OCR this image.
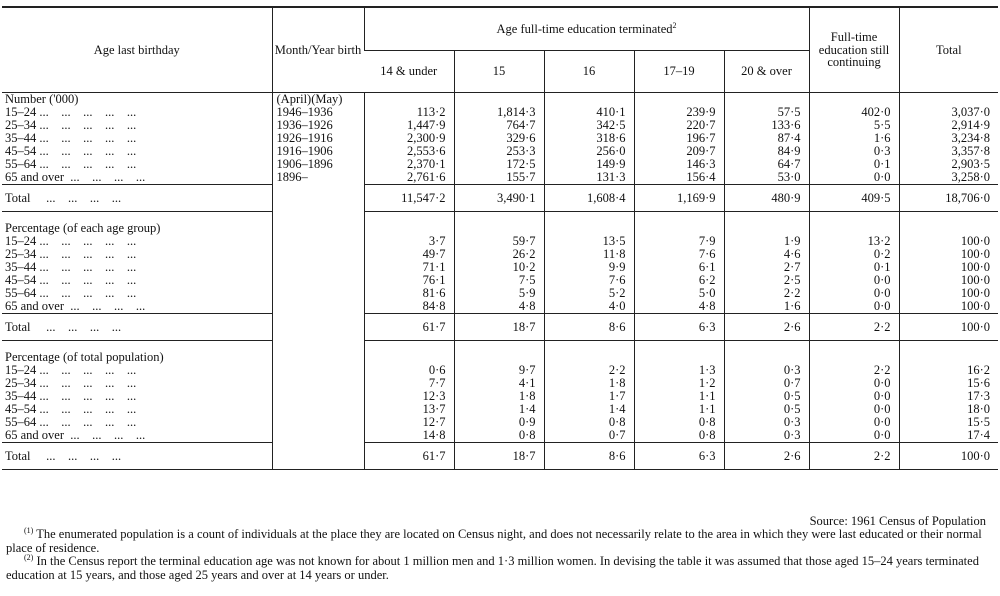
Age last birthday	Month/Year birth	Age full-time education terminated$^2$					Full-time education still continuing	Total
		14 & under	15	16	17–19	20 & over		
Number ('000)	(April)(May)							
15–24 ...    ...    ...    ...    ...	1946–1936	113·2	1,814·3	410·1	239·9	57·5	402·0	3,037·0
25–34 ...    ...    ...    ...    ...	1936–1926	1,447·9	764·7	342·5	220·7	133·6	5·5	2,914·9
35–44 ...    ...    ...    ...    ...	1926–1916	2,300·9	329·6	318·6	196·7	87·4	1·6	3,234·8
45–54 ...    ...    ...    ...    ...	1916–1906	2,553·6	253·3	256·0	209·7	84·9	0·3	3,357·8
55–64 ...    ...    ...    ...    ...	1906–1896	2,370·1	172·5	149·9	146·3	64·7	0·1	2,903·5
65 and over  ...    ...    ...    ...	1896–	2,761·6	155·7	131·3	156·4	53·0	0·0	3,258·0
Total     ...    ...    ...    ...		11,547·2	3,490·1	1,608·4	1,169·9	480·9	409·5	18,706·0

Percentage (of each age group)								
15–24 ...    ...    ...    ...    ...		3·7	59·7	13·5	7·9	1·9	13·2	100·0
25–34 ...    ...    ...    ...    ...		49·7	26·2	11·8	7·6	4·6	0·2	100·0
35–44 ...    ...    ...    ...    ...		71·1	10·2	9·9	6·1	2·7	0·1	100·0
45–54 ...    ...    ...    ...    ...		76·1	7·5	7·6	6·2	2·5	0·0	100·0
55–64 ...    ...    ...    ...    ...		81·6	5·9	5·2	5·0	2·2	0·0	100·0
65 and over  ...    ...    ...    ...		84·8	4·8	4·0	4·8	1·6	0·0	100·0
Total     ...    ...    ...    ...		61·7	18·7	8·6	6·3	2·6	2·2	100·0

Percentage (of total population)								
15–24 ...    ...    ...    ...    ...		0·6	9·7	2·2	1·3	0·3	2·2	16·2
25–34 ...    ...    ...    ...    ...		7·7	4·1	1·8	1·2	0·7	0·0	15·6
35–44 ...    ...    ...    ...    ...		12·3	1·8	1·7	1·1	0·5	0·0	17·3
45–54 ...    ...    ...    ...    ...		13·7	1·4	1·4	1·1	0·5	0·0	18·0
55–64 ...    ...    ...    ...    ...		12·7	0·9	0·8	0·8	0·3	0·0	15·5
65 and over  ...    ...    ...    ...		14·8	0·8	0·7	0·8	0·3	0·0	17·4
Total     ...    ...    ...    ...		61·7	18·7	8·6	6·3	2·6	2·2	100·0
Source: 1961 Census of Population

$^{(1)}$ The enumerated population is a count of individuals at the place they are located on Census night, and does not necessarily relate to the area in which they were last educated or their normal place of residence.

$^{(2)}$ In the Census report the terminal education age was not known for about 1 million men and 1·3 million women. In devising the table it was assumed that those aged 15–24 years terminated education at 15 years, and those aged 25 years and over at 14 years or under.
